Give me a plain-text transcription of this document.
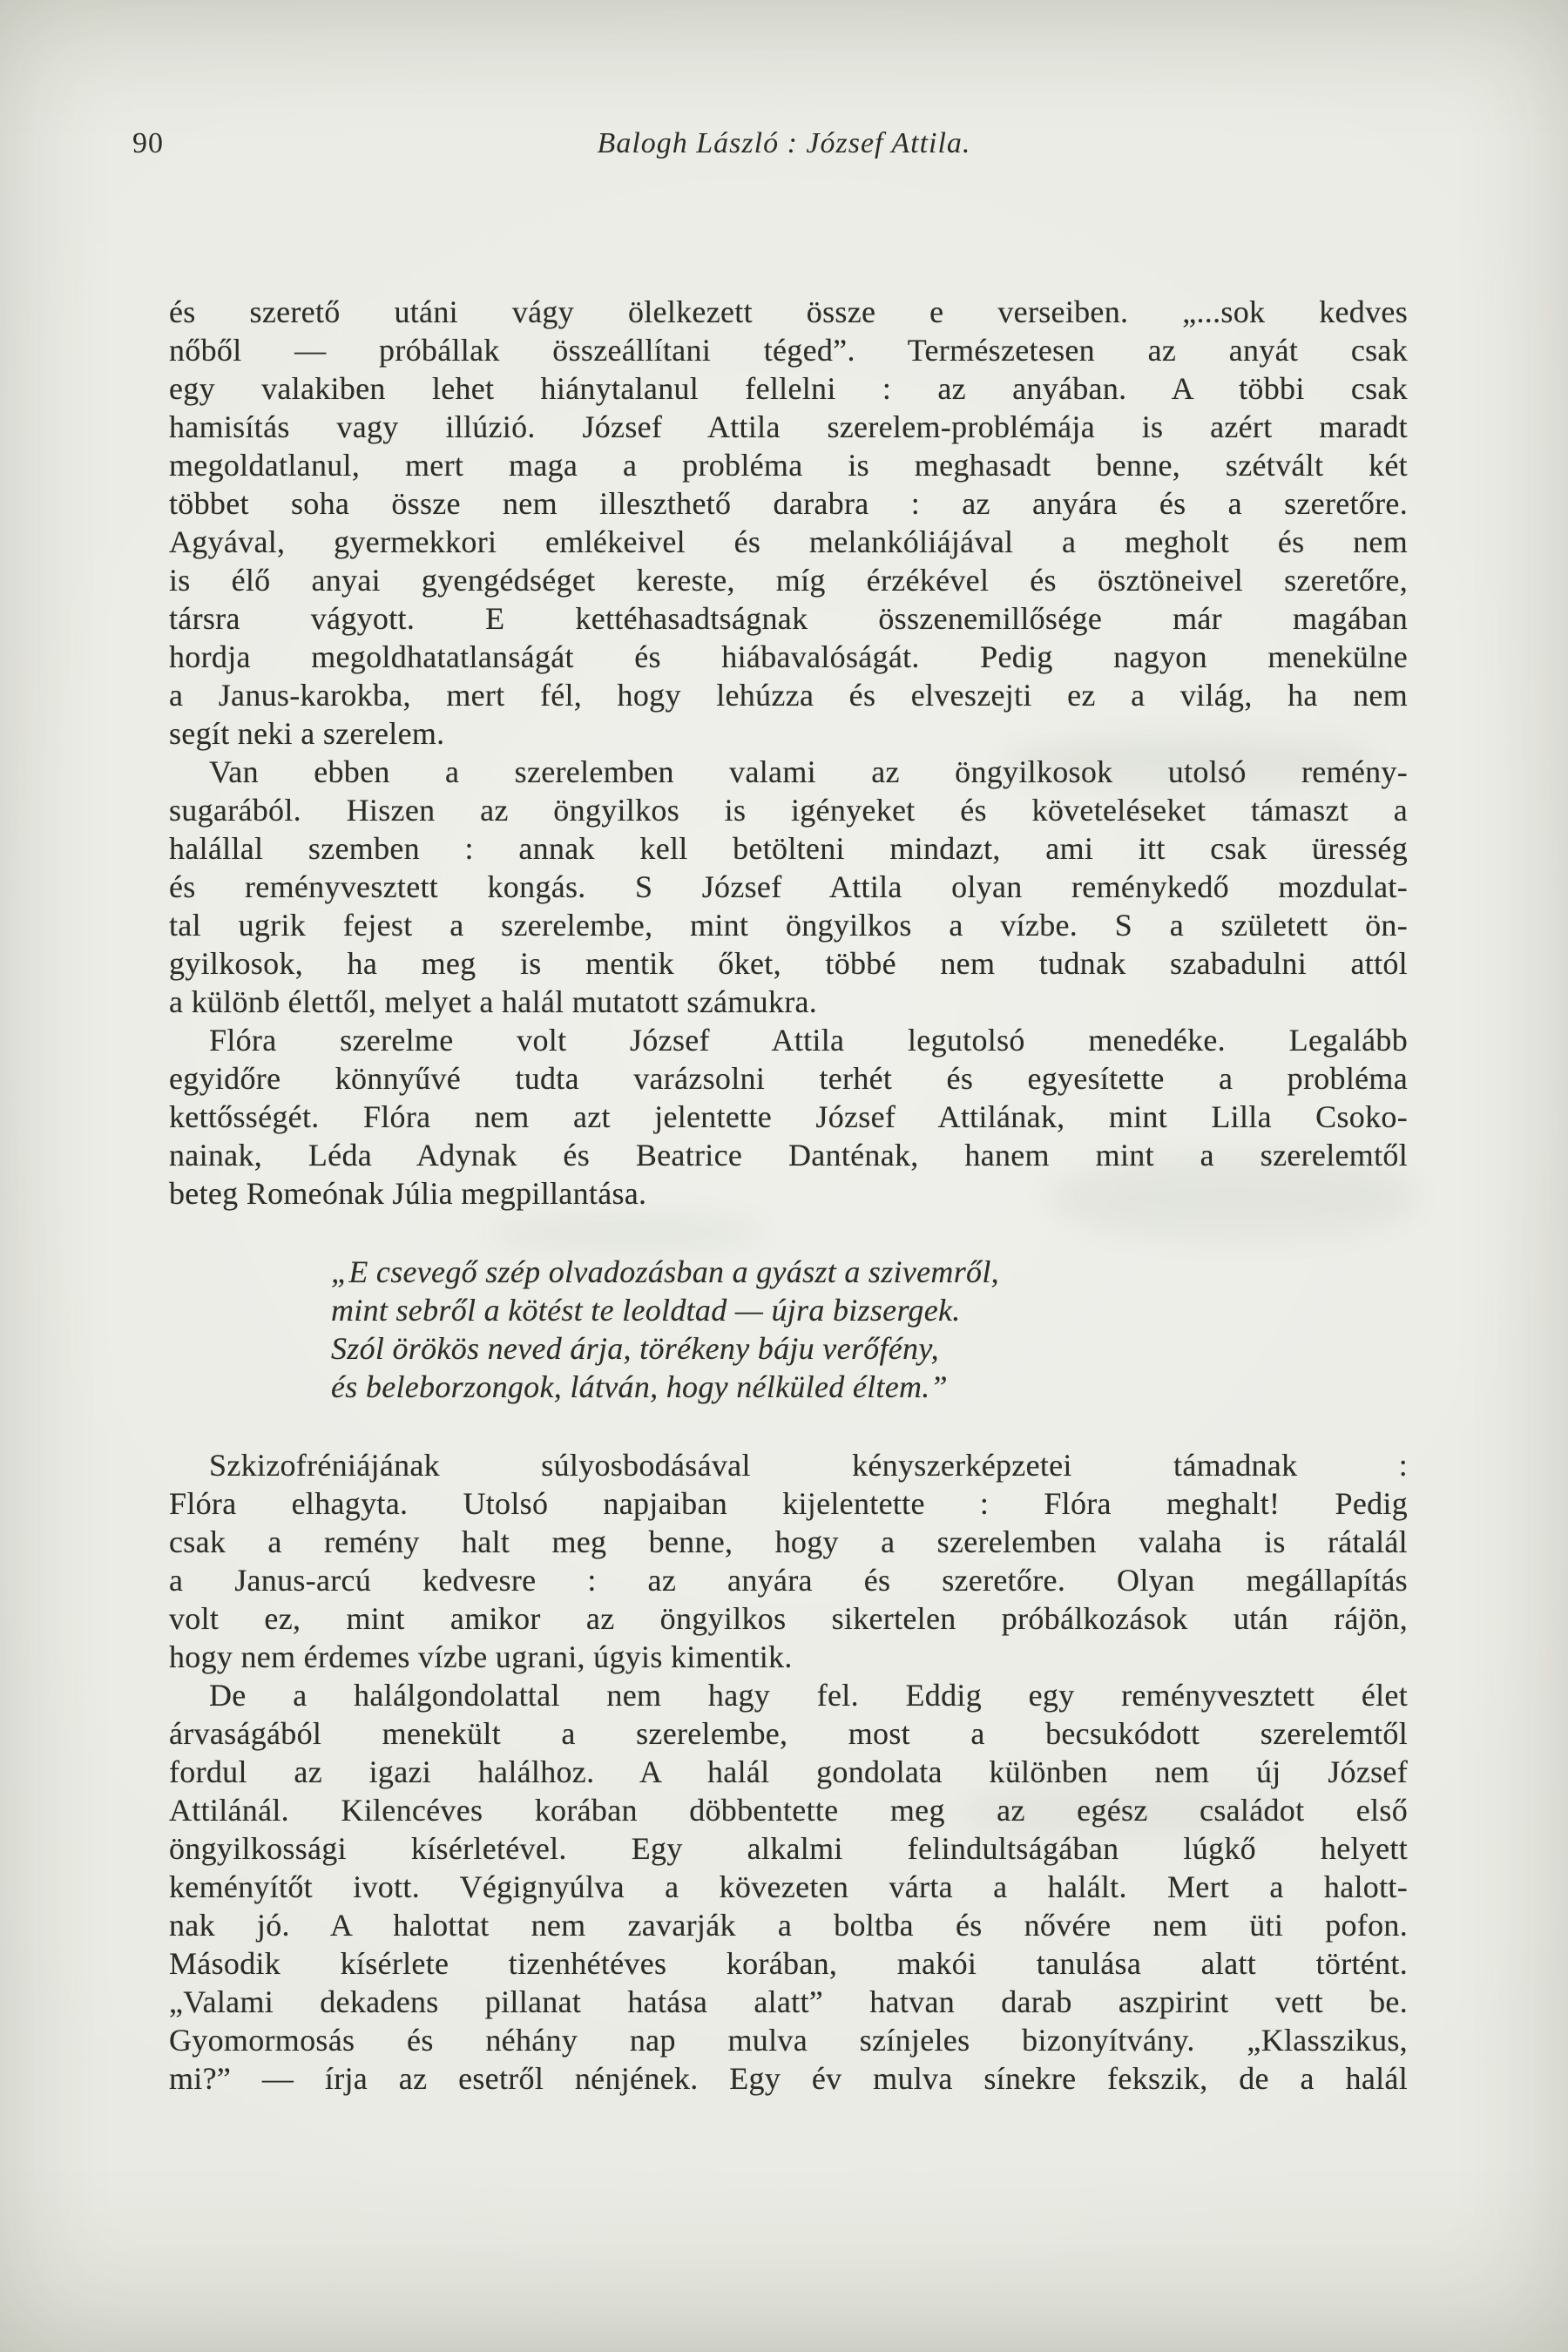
90	Balogh László : József Attila.
és szerető utáni vágy ölelkezett össze e verseiben. „...sok kedves
nőből — próbállak összeállítani téged”. Természetesen az anyát csak
egy valakiben lehet hiánytalanul fellelni : az anyában. A többi csak
hamisítás vagy illúzió. József Attila szerelem-problémája is azért maradt
megoldatlanul, mert maga a probléma is meghasadt benne, szétvált két
többet soha össze nem illeszthető darabra : az anyára és a szeretőre.
Agyával, gyermekkori emlékeivel és melankóliájával a megholt és nem
is élő anyai gyengédséget kereste, míg érzékével és ösztöneivel szeretőre,
társra vágyott. E kettéhasadtságnak összenemillősége már magában
hordja megoldhatatlanságát és hiábavalóságát. Pedig nagyon menekülne
a Janus-karokba, mert fél, hogy lehúzza és elveszejti ez a világ, ha nem
segít neki a szerelem.
Van ebben a szerelemben valami az öngyilkosok utolsó remény-
sugarából. Hiszen az öngyilkos is igényeket és követeléseket támaszt a
halállal szemben : annak kell betölteni mindazt, ami itt csak üresség
és reményvesztett kongás. S József Attila olyan reménykedő mozdulat-
tal ugrik fejest a szerelembe, mint öngyilkos a vízbe. S a született ön-
gyilkosok, ha meg is mentik őket, többé nem tudnak szabadulni attól
a különb élettől, melyet a halál mutatott számukra.
Flóra szerelme volt József Attila legutolsó menedéke. Legalább
egyidőre könnyűvé tudta varázsolni terhét és egyesítette a probléma
kettősségét. Flóra nem azt jelentette József Attilának, mint Lilla Csoko-
nainak, Léda Adynak és Beatrice Danténak, hanem mint a szerelemtől
beteg Romeónak Júlia megpillantása.
„E csevegő szép olvadozásban a gyászt a szivemről,
mint sebről a kötést te leoldtad — újra bizsergek.
Szól örökös neved árja, törékeny báju verőfény,
és beleborzongok, látván, hogy nélküled éltem.”
Szkizofréniájának súlyosbodásával kényszerképzetei támadnak :
Flóra elhagyta. Utolsó napjaiban kijelentette : Flóra meghalt! Pedig
csak a remény halt meg benne, hogy a szerelemben valaha is rátalál
a Janus-arcú kedvesre : az anyára és szeretőre. Olyan megállapítás
volt ez, mint amikor az öngyilkos sikertelen próbálkozások után rájön,
hogy nem érdemes vízbe ugrani, úgyis kimentik.
De a halálgondolattal nem hagy fel. Eddig egy reményvesztett élet
árvaságából menekült a szerelembe, most a becsukódott szerelemtől
fordul az igazi halálhoz. A halál gondolata különben nem új József
Attilánál. Kilencéves korában döbbentette meg az egész családot első
öngyilkossági kísérletével. Egy alkalmi felindultságában lúgkő helyett
keményítőt ivott. Végignyúlva a kövezeten várta a halált. Mert a halott-
nak jó. A halottat nem zavarják a boltba és nővére nem üti pofon.
Második kísérlete tizenhétéves korában, makói tanulása alatt történt.
„Valami dekadens pillanat hatása alatt” hatvan darab aszpirint vett be.
Gyomormosás és néhány nap mulva színjeles bizonyítvány. „Klasszikus,
mi?” — írja az esetről nénjének. Egy év mulva sínekre fekszik, de a halál
